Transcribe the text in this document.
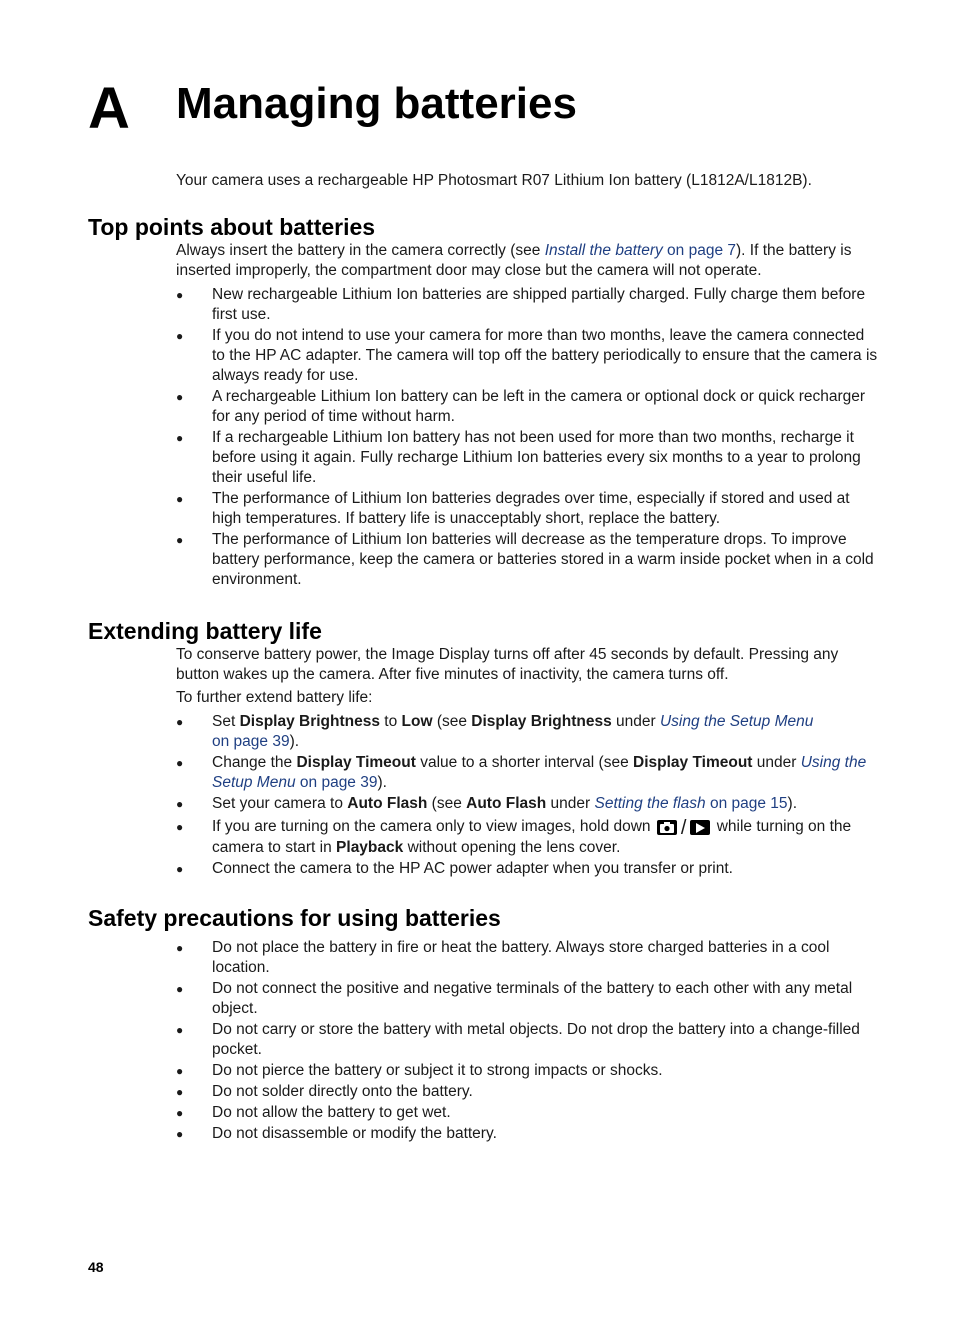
A Managing batteries

Your camera uses a rechargeable HP Photosmart R07 Lithium Ion battery (L1812A/L1812B).

Top points about batteries

Always insert the battery in the camera correctly (see Install the battery on page 7). If the battery is inserted improperly, the compartment door may close but the camera will not operate.

● New rechargeable Lithium Ion batteries are shipped partially charged. Fully charge them before first use.
● If you do not intend to use your camera for more than two months, leave the camera connected to the HP AC adapter. The camera will top off the battery periodically to ensure that the camera is always ready for use.
● A rechargeable Lithium Ion battery can be left in the camera or optional dock or quick recharger for any period of time without harm.
● If a rechargeable Lithium Ion battery has not been used for more than two months, recharge it before using it again. Fully recharge Lithium Ion batteries every six months to a year to prolong their useful life.
● The performance of Lithium Ion batteries degrades over time, especially if stored and used at high temperatures. If battery life is unacceptably short, replace the battery.
● The performance of Lithium Ion batteries will decrease as the temperature drops. To improve battery performance, keep the camera or batteries stored in a warm inside pocket when in a cold environment.
Extending battery life

To conserve battery power, the Image Display turns off after 45 seconds by default. Pressing any button wakes up the camera. After five minutes of inactivity, the camera turns off.

To further extend battery life:

● Set Display Brightness to Low (see Display Brightness under Using the Setup Menu
on page 39).
● Change the Display Timeout value to a shorter interval (see Display Timeout under Using the Setup Menu on page 39).
● Set your camera to Auto Flash (see Auto Flash under Setting the flash on page 15).
● If you are turning on the camera only to view images, hold down / while turning on the camera to start in Playback without opening the lens cover.
● Connect the camera to the HP AC power adapter when you transfer or print.
Safety precautions for using batteries
● Do not place the battery in fire or heat the battery. Always store charged batteries in a cool location.
● Do not connect the positive and negative terminals of the battery to each other with any metal object.
● Do not carry or store the battery with metal objects. Do not drop the battery into a change-filled pocket.
● Do not pierce the battery or subject it to strong impacts or shocks.
● Do not solder directly onto the battery.
● Do not allow the battery to get wet.
● Do not disassemble or modify the battery.
48
